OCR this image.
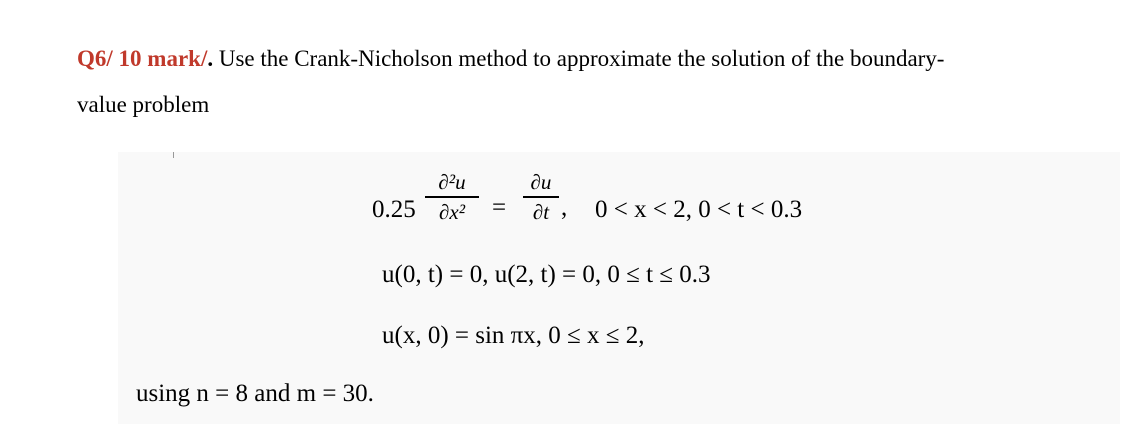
Q6/ 10 mark/. Use the Crank-Nicholson method to approximate the solution of the boundary-
value problem
0.25
∂²u
∂x²	=
∂u
∂t , 0 < x < 2, 0 < t < 0.3
u(0, t) = 0, u(2, t) = 0, 0 ≤ t ≤ 0.3
u(x, 0) = sin πx, 0 ≤ x ≤ 2,
using n = 8 and m = 30.
